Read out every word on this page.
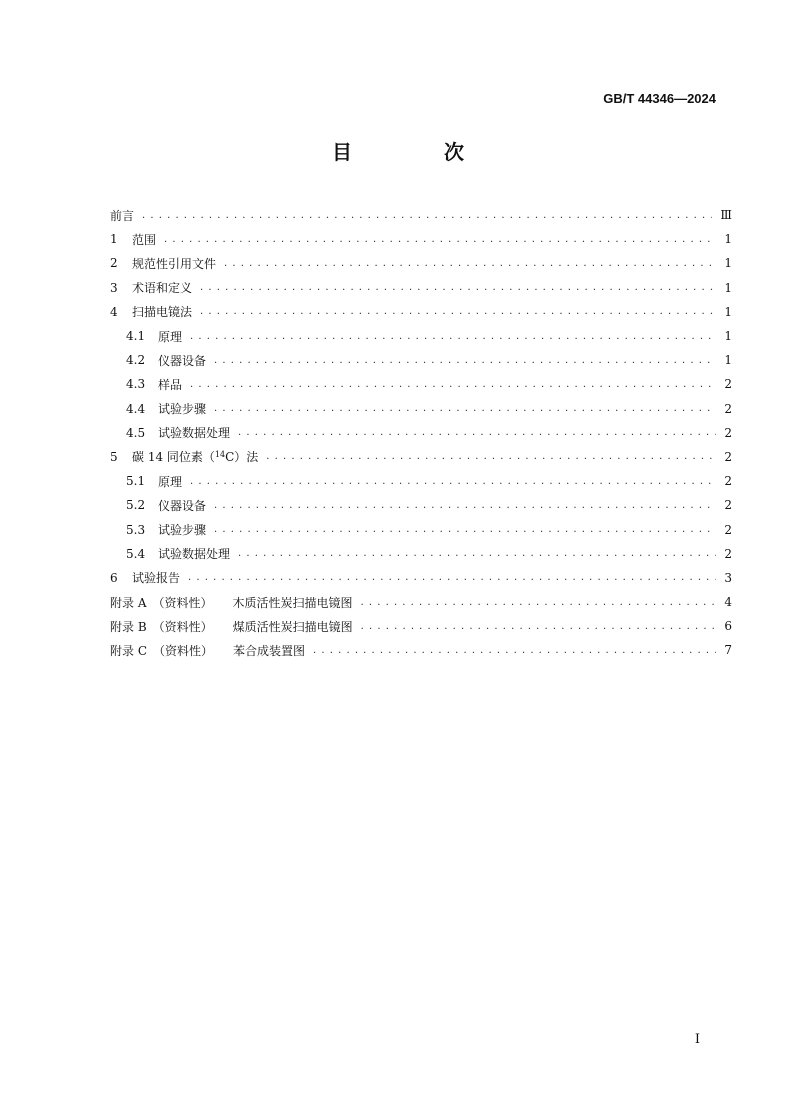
GB/T 44346—2024
目　次
前言 . . .	Ⅲ
1	范围 . . .	1
2	规范性引用文件 . . .	1
3	术语和定义 . . .	1
4	扫描电镜法 . . .	1
4.1	原理 . . .	1
4.2	仪器设备 . . .	1
4.3	样品 . . .	2
4.4	试验步骤 . . .	2
4.5	试验数据处理 . . .	2
5	碳 14 同位素（$^{14}$C）法 . . .	2
5.1	原理 . . .	2
5.2	仪器设备 . . .	2
5.3	试验步骤 . . .	2
5.4	试验数据处理 . . .	2
6	试验报告 . . .	3
附录 A （资料性） 木质活性炭扫描电镜图 . . .	4
附录 B （资料性） 煤质活性炭扫描电镜图 . . .	6
附录 C （资料性） 苯合成装置图 . . .	7
I
